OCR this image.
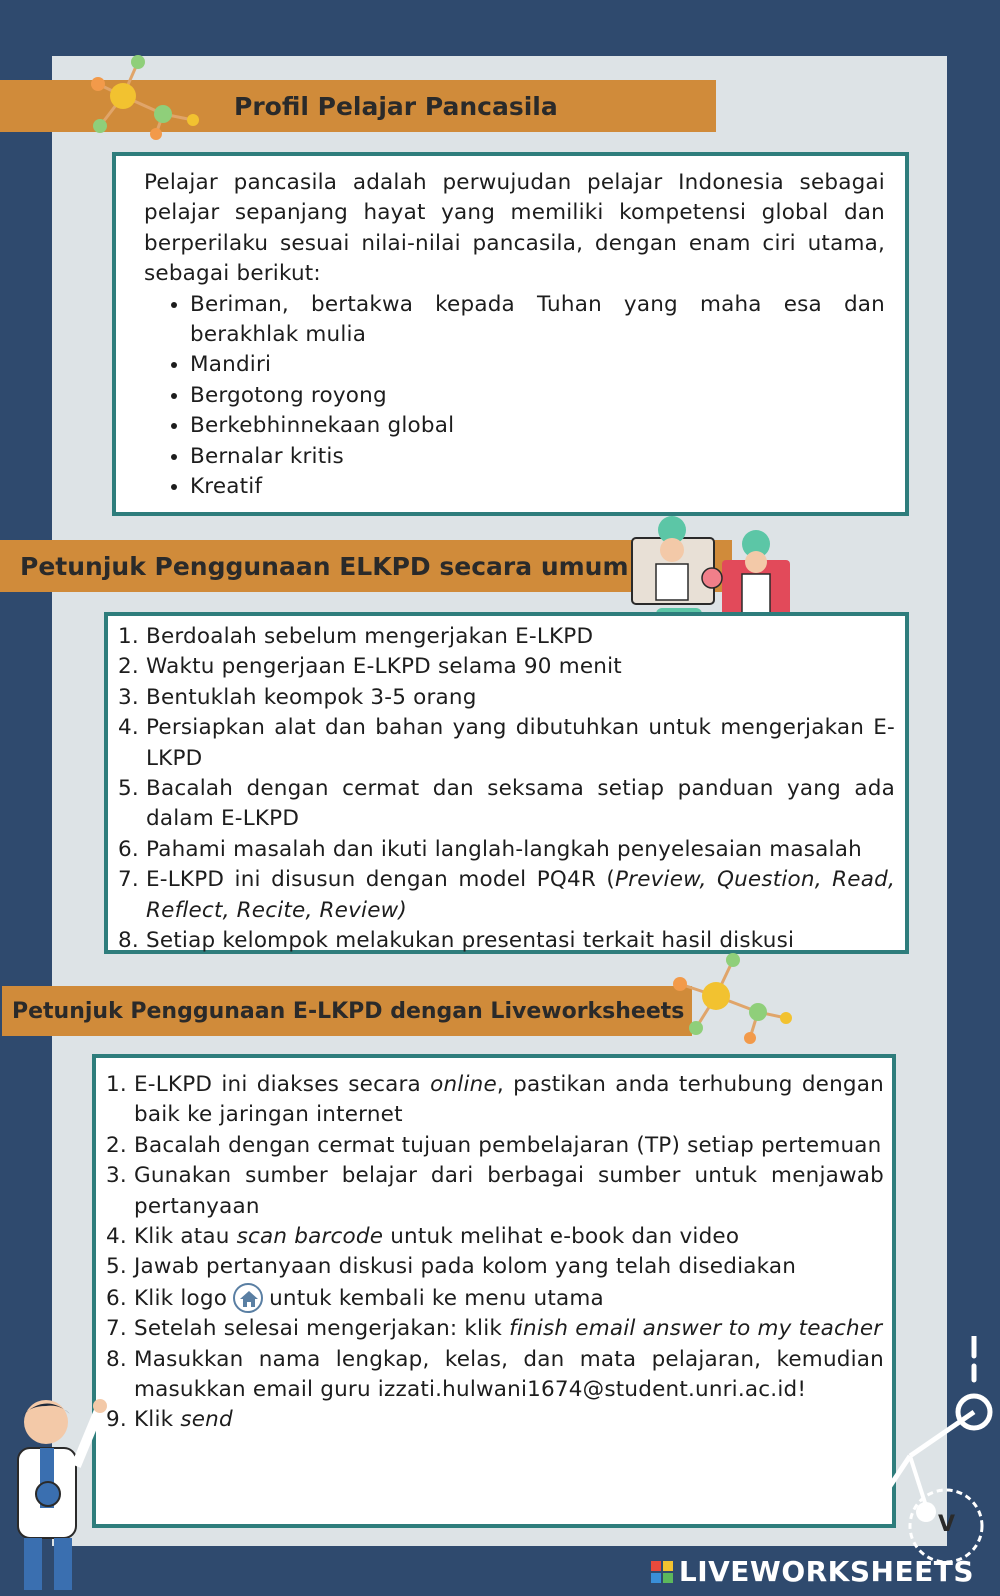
Profil Pelajar Pancasila

Pelajar pancasila adalah perwujudan pelajar Indonesia sebagai pelajar sepanjang hayat yang memiliki kompetensi global dan berperilaku sesuai nilai-nilai pancasila, dengan enam ciri utama, sebagai berikut:

• Beriman, bertakwa kepada Tuhan yang maha esa dan berakhlak mulia
• Mandiri
• Bergotong royong
• Berkebhinnekaan global
• Bernalar kritis
• Kreatif
Petunjuk Penggunaan ELKPD secara umum
1. Berdoalah sebelum mengerjakan E-LKPD
2. Waktu pengerjaan E-LKPD selama 90 menit
3. Bentuklah keompok 3-5 orang
4. Persiapkan alat dan bahan yang dibutuhkan untuk mengerjakan E-LKPD
5. Bacalah dengan cermat dan seksama setiap panduan yang ada dalam E-LKPD
6. Pahami masalah dan ikuti langlah-langkah penyelesaian masalah
7. E-LKPD ini disusun dengan model PQ4R (Preview, Question, Read, Reflect, Recite, Review)
8. Setiap kelompok melakukan presentasi terkait hasil diskusi
Petunjuk Penggunaan E-LKPD dengan Liveworksheets
1. E-LKPD ini diakses secara online, pastikan anda terhubung dengan baik ke jaringan internet
2. Bacalah dengan cermat tujuan pembelajaran (TP) setiap pertemuan
3. Gunakan sumber belajar dari berbagai sumber untuk menjawab pertanyaan
4. Klik atau scan barcode untuk melihat e-book dan video
5. Jawab pertanyaan diskusi pada kolom yang telah disediakan
6. Klik logo untuk kembali ke menu utama
7. Setelah selesai mengerjakan: klik finish email answer to my teacher
8. Masukkan nama lengkap, kelas, dan mata pelajaran, kemudian masukkan email guru izzati.hulwani1674@student.unri.ac.id!
9. Klik send
V
LIVEWORKSHEETS
